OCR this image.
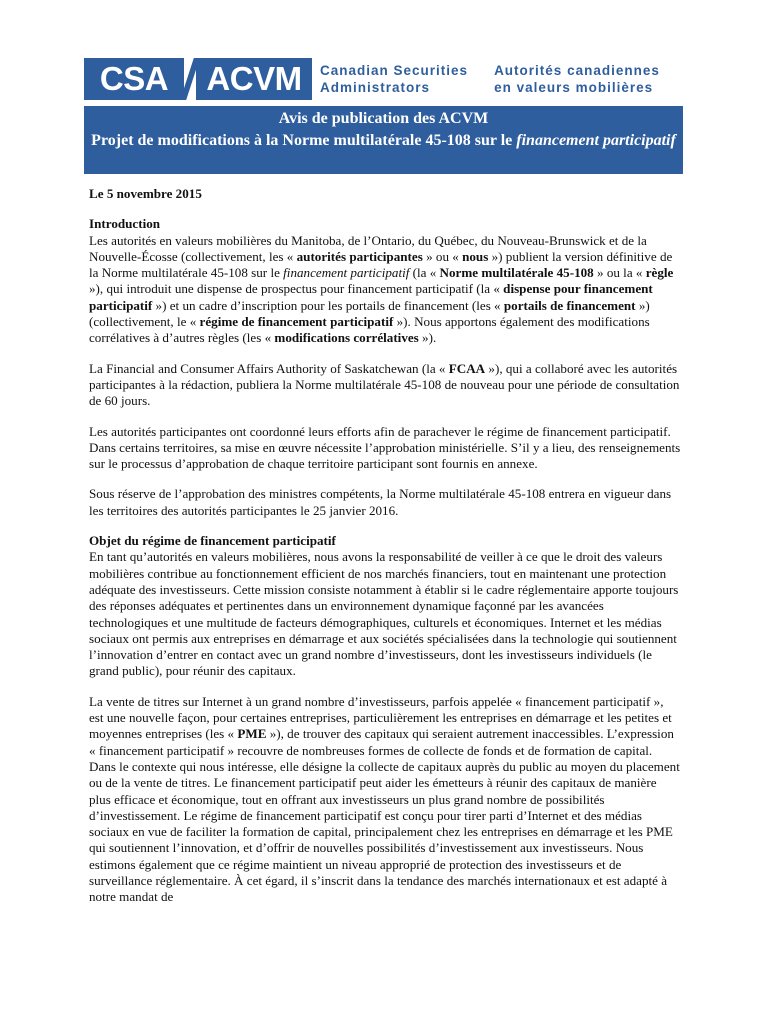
CSA	ACVM	Canadian Securities
Administrators
Autorités canadiennes
en valeurs mobilières
Avis de publication des ACVM
Projet de modifications à la Norme multilatérale 45-108 sur le financement participatif

Le 5 novembre 2015

Introduction

Les autorités en valeurs mobilières du Manitoba, de l’Ontario, du Québec, du Nouveau-Brunswick et de la Nouvelle-Écosse (collectivement, les « autorités participantes » ou « nous ») publient la version définitive de la Norme multilatérale 45-108 sur le financement participatif (la « Norme multilatérale 45-108 » ou la « règle »), qui introduit une dispense de prospectus pour financement participatif (la « dispense pour financement participatif ») et un cadre d’inscription pour les portails de financement (les « portails de financement ») (collectivement, le « régime de financement participatif »). Nous apportons également des modifications corrélatives à d’autres règles (les « modifications corrélatives »).

La Financial and Consumer Affairs Authority of Saskatchewan (la « FCAA »), qui a collaboré avec les autorités participantes à la rédaction, publiera la Norme multilatérale 45-108 de nouveau pour une période de consultation de 60 jours.

Les autorités participantes ont coordonné leurs efforts afin de parachever le régime de financement participatif. Dans certains territoires, sa mise en œuvre nécessite l’approbation ministérielle. S’il y a lieu, des renseignements sur le processus d’approbation de chaque territoire participant sont fournis en annexe.

Sous réserve de l’approbation des ministres compétents, la Norme multilatérale 45-108 entrera en vigueur dans les territoires des autorités participantes le 25 janvier 2016.

Objet du régime de financement participatif

En tant qu’autorités en valeurs mobilières, nous avons la responsabilité de veiller à ce que le droit des valeurs mobilières contribue au fonctionnement efficient de nos marchés financiers, tout en maintenant une protection adéquate des investisseurs. Cette mission consiste notamment à établir si le cadre réglementaire apporte toujours des réponses adéquates et pertinentes dans un environnement dynamique façonné par les avancées technologiques et une multitude de facteurs démographiques, culturels et économiques. Internet et les médias sociaux ont permis aux entreprises en démarrage et aux sociétés spécialisées dans la technologie qui soutiennent l’innovation d’entrer en contact avec un grand nombre d’investisseurs, dont les investisseurs individuels (le grand public), pour réunir des capitaux.

La vente de titres sur Internet à un grand nombre d’investisseurs, parfois appelée « financement participatif », est une nouvelle façon, pour certaines entreprises, particulièrement les entreprises en démarrage et les petites et moyennes entreprises (les « PME »), de trouver des capitaux qui seraient autrement inaccessibles. L’expression « financement participatif » recouvre de nombreuses formes de collecte de fonds et de formation de capital. Dans le contexte qui nous intéresse, elle désigne la collecte de capitaux auprès du public au moyen du placement ou de la vente de titres. Le financement participatif peut aider les émetteurs à réunir des capitaux de manière plus efficace et économique, tout en offrant aux investisseurs un plus grand nombre de possibilités d’investissement. Le régime de financement participatif est conçu pour tirer parti d’Internet et des médias sociaux en vue de faciliter la formation de capital, principalement chez les entreprises en démarrage et les PME qui soutiennent l’innovation, et d’offrir de nouvelles possibilités d’investissement aux investisseurs. Nous estimons également que ce régime maintient un niveau approprié de protection des investisseurs et de surveillance réglementaire. À cet égard, il s’inscrit dans la tendance des marchés internationaux et est adapté à notre mandat de
